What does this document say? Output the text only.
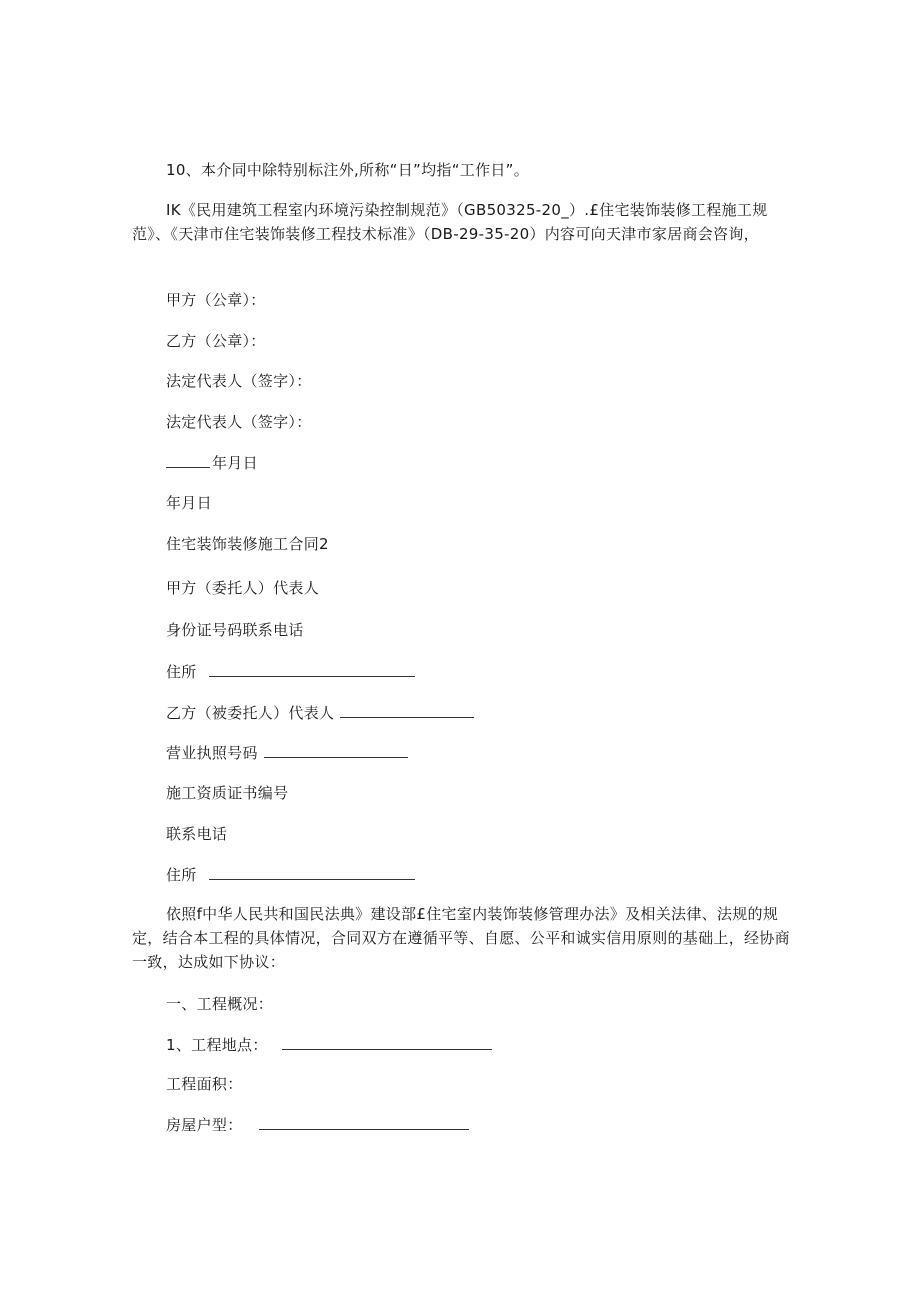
10、本介同中除特别标注外,所称“日”均指“工作日”。
IK《民用建筑工程室内环境污染控制规范》（GB50325-20_）.£住宅装饰装修工程施工规范》、《天津市住宅装饰装修工程技术标准》（DB-29-35-20）内容可向天津市家居商会咨询，
甲方（公章）：
乙方（公章）：
法定代表人（签字）：
法定代表人（签字）：
年月日
年月日
住宅装饰装修施工合同2
甲方（委托人）代表人
身份证号码联系电话
住所
乙方（被委托人）代表人
营业执照号码
施工资质证书编号
联系电话
住所
依照f中华人民共和国民法典》建设部£住宅室内装饰装修管理办法》及相关法律、法规的规定，结合本工程的具体情况，合同双方在遵循平等、自愿、公平和诚实信用原则的基础上，经协商一致，达成如下协议：
一、工程概况：
1、工程地点：
工程面积：
房屋户型：
